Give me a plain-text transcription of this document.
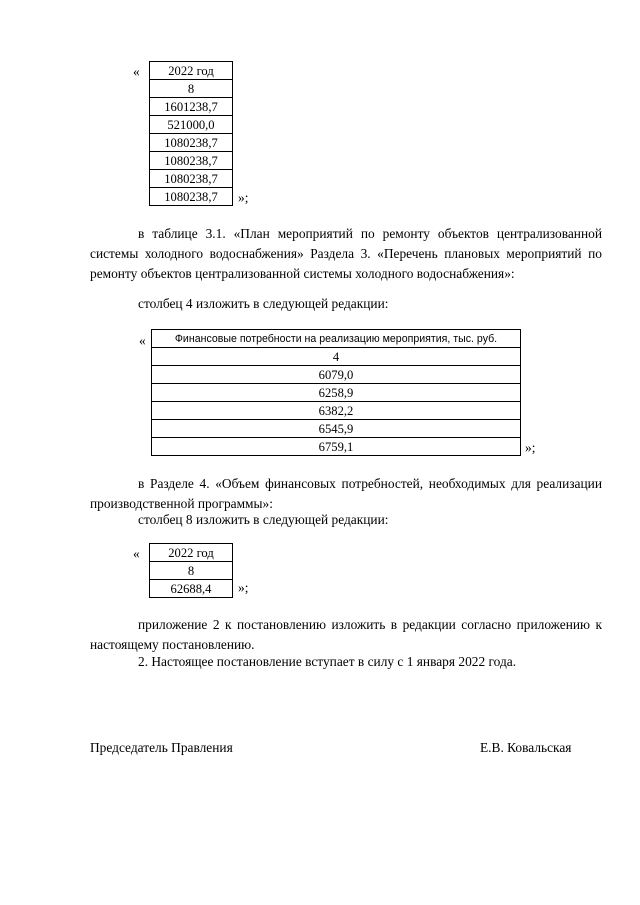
« 2022 год
8
1601238,7
521000,0
1080238,7
1080238,7
1080238,7
1080238,7 »;
в таблице 3.1. «План мероприятий по ремонту объектов централизованной системы холодного водоснабжения» Раздела 3. «Перечень плановых мероприятий по ремонту объектов централизованной системы холодного водоснабжения»:
столбец 4 изложить в следующей редакции:
«	Финансовые потребности на реализацию мероприятия, тыс. руб.
4
6079,0
6258,9
6382,2
6545,9
6759,1	»;
в Разделе 4. «Объем финансовых потребностей, необходимых для реализации производственной программы»:
столбец 8 изложить в следующей редакции:
« 2022 год
8
62688,4 »;
приложение 2 к постановлению изложить в редакции согласно приложению к настоящему постановлению.
2. Настоящее постановление вступает в силу с 1 января 2022 года.
Председатель Правления	Е.В. Ковальская
